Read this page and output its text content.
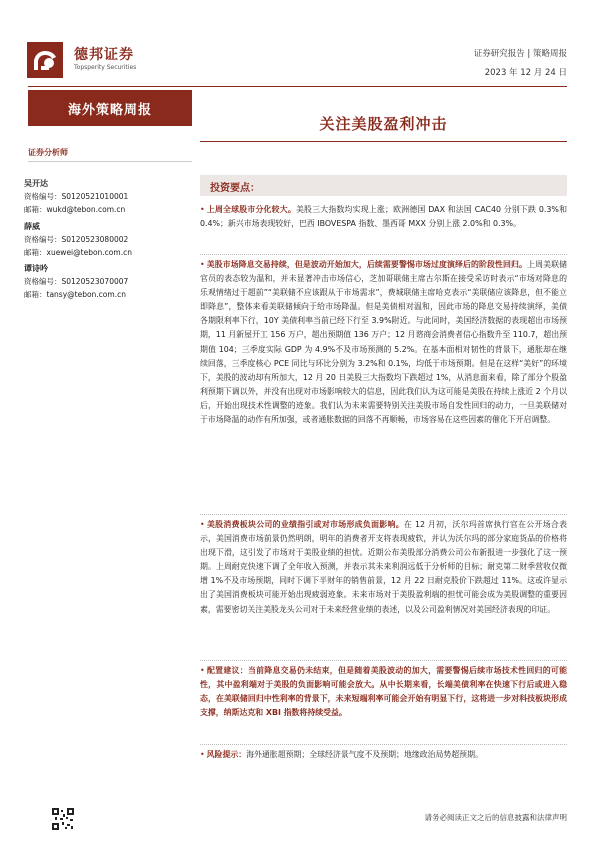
德邦证券
Topsperity Securities
证券研究报告 | 策略周报
2023 年 12 月 24 日
海外策略周报
关注美股盈利冲击
证券分析师
吴开达
资格编号：S0120521010001
邮箱：wukd@tebon.com.cn
薛威
资格编号：S0120523080002
邮箱：xuewei@tebon.com.cn
谭诗吟
资格编号：S0120523070007
邮箱：tansy@tebon.com.cn
投资要点：
• 上周全球股市分化较大。美股三大指数均实现上涨；欧洲德国 DAX 和法国 CAC40 分别下跌 0.3%和 0.4%；新兴市场表现较好，巴西 IBOVESPA 指数、墨西哥 MXX 分别上涨 2.0%和 0.3%。
• 美股市场降息交易持续，但是波动开始加大，后续需要警惕市场过度演绎后的阶段性回归。上周美联储官员的表态较为温和，并未显著冲击市场信心，芝加哥联储主席古尔斯在接受采访时表示“市场对降息的乐观情绪过于超前”“美联储不应该跟从于市场需求”，费城联储主席哈克表示“美联储应该降息，但不能立即降息”，整体来看美联储倾向于给市场降温。但是美债相对温和，因此市场的降息交易持续演绎，美债各期限利率下行，10Y 美债利率当前已经下行至 3.9%附近。与此同时，美国经济数据的表现超出市场预期，11 月新屋开工 156 万户，超出预期值 136 万户；12 月谘商会消费者信心指数升至 110.7，超出预期值 104；三季度实际 GDP 为 4.9%不及市场预测的 5.2%。在基本面相对韧性的背景下，通胀却在继续回落，三季度核心 PCE 同比与环比分别为 3.2%和 0.1%，均低于市场预期。但是在这样“美好”的环境下，美股的波动却有所加大，12 月 20 日美股三大指数均下跌超过 1%，从消息面来看，除了部分个股盈利预期下调以外，并没有出现对市场影响较大的信息，因此我们认为这可能是美股在持续上涨近 2 个月以后，开始出现技术性调整的迹象。我们认为未来需要特别关注美股市场自发性回归的动力，一旦美联储对于市场降温的动作有所加强，或者通胀数据的回落不再顺畅，市场容易在这些因素的催化下开启调整。
• 美股消费板块公司的业绩指引或对市场形成负面影响。在 12 月初，沃尔玛首席执行官在公开场合表示，美国消费市场前景仍然明朗，明年的消费者开支将表现疲软，并认为沃尔玛的部分家庭货品的价格将出现下滑，这引发了市场对于美股业绩的担忧。近期公布美股部分消费公司公布新报进一步强化了这一预期。上周耐克快速下调了全年收入预测，并表示其未来利润远低于分析师的目标；耐克第二财季营收仅微增 1%不及市场预期，同时下调下半财年的销售前景，12 月 22 日耐克股价下跌超过 11%。这或许显示出了美国消费板块可能开始出现疲弱迹象。未来市场对于美股盈利端的担忧可能会成为美股调整的重要因素，需要密切关注美股龙头公司对于未来经营业绩的表述，以及公司盈利情况对美国经济表现的印证。
• 配置建议：当前降息交易仍未结束，但是随着美股波动的加大，需要警惕后续市场技术性回归的可能性，其中盈利端对于美股的负面影响可能会放大。从中长期来看，长端美债利率在快速下行后或进入稳态，在美联储回归中性利率的背景下，未来短端利率可能会开始有明显下行，这将进一步对科技板块形成支撑，纳斯达克和 XBI 指数将持续受益。
• 风险提示：海外通胀超预期；全球经济景气度不及预期；地缘政治局势超预期。
请务必阅读正文之后的信息披露和法律声明
